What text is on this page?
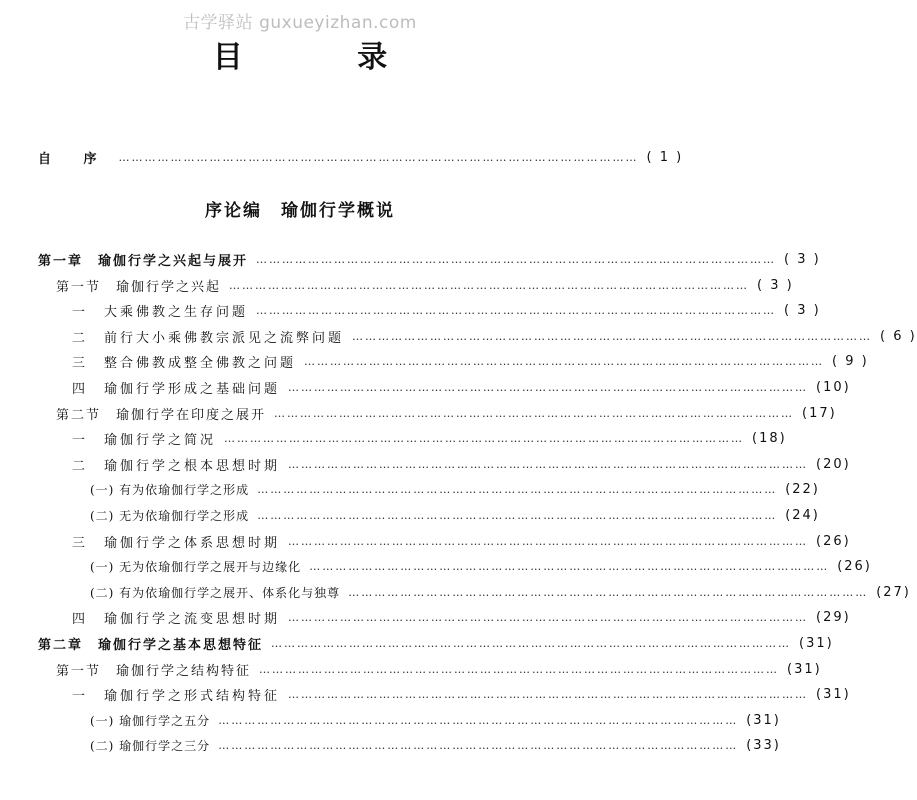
古学驿站 guxueyizhan.com
目 录
自 序 ………………………………………………………………………………………………………… ( 1 )
序论编　瑜伽行学概说
第一章　瑜伽行学之兴起与展开 ………………………………………………………………………………………………………… ( 3 )
第一节　瑜伽行学之兴起 ………………………………………………………………………………………………………… ( 3 )
一　大乘佛教之生存问题 ………………………………………………………………………………………………………… ( 3 )
二　前行大小乘佛教宗派见之流弊问题 ………………………………………………………………………………………………………… ( 6 )
三　整合佛教成整全佛教之问题 ………………………………………………………………………………………………………… ( 9 )
四　瑜伽行学形成之基础问题 ………………………………………………………………………………………………………… (10)
第二节　瑜伽行学在印度之展开 ………………………………………………………………………………………………………… (17)
一　瑜伽行学之简况 ………………………………………………………………………………………………………… (18)
二　瑜伽行学之根本思想时期 ………………………………………………………………………………………………………… (20)
(一) 有为依瑜伽行学之形成 ………………………………………………………………………………………………………… (22)
(二) 无为依瑜伽行学之形成 ………………………………………………………………………………………………………… (24)
三　瑜伽行学之体系思想时期 ………………………………………………………………………………………………………… (26)
(一) 无为依瑜伽行学之展开与边缘化 ………………………………………………………………………………………………………… (26)
(二) 有为依瑜伽行学之展开、体系化与独尊 ………………………………………………………………………………………………………… (27)
四　瑜伽行学之流变思想时期 ………………………………………………………………………………………………………… (29)
第二章　瑜伽行学之基本思想特征 ………………………………………………………………………………………………………… (31)
第一节　瑜伽行学之结构特征 ………………………………………………………………………………………………………… (31)
一　瑜伽行学之形式结构特征 ………………………………………………………………………………………………………… (31)
(一) 瑜伽行学之五分 ………………………………………………………………………………………………………… (31)
(二) 瑜伽行学之三分 ………………………………………………………………………………………………………… (33)
